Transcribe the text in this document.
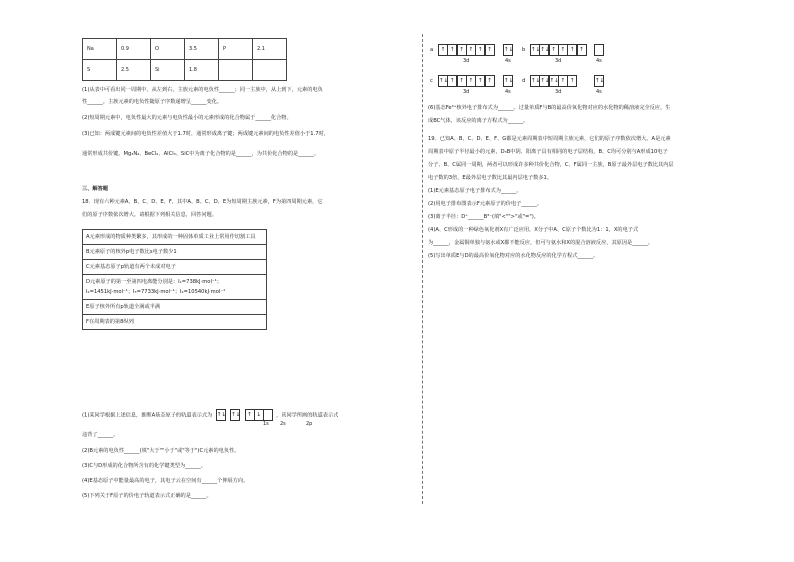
Na	0.9	O	3.5	P	2.1
S	2.5	Si	1.8		
(1)从表中可看出同一周期中，从左到右，主族元素的电负性______；同一主族中，从上到下，元素的电负
性______。主族元素的电负性随原子序数递增呈______变化。
(2)短周期元素中，电负性最大的元素与电负性最小的元素形成的化合物属于______化合物。
(3)已知：两成键元素间的电负性差值大于1.7时，通常形成离子键；两成键元素间的电负性差值小于1.7时，
通常形成共价键。Mg₃N₂、BeCl₂、AlCl₃、SiC中为离子化合物的是______，为共价化合物的是______。
三、解答题
18．现有六种元素A、B、C、D、E、F，其中A、B、C、D、E为短周期主族元素，F为第四周期元素，它
们的原子序数依次增大。请根据下列相关信息，回答问题。
A元素形成的物质种类繁多，其形成的一种固体单质工业上常用作切割工具
B元素原子的核外p电子数比s电子数少1
C元素基态原子p轨道有两个未成对电子

D元素原子的第一至第四电离能分别是：I₁=738kJ·mol⁻¹；
I₂=1451kJ·mol⁻¹；I₃=7733kJ·mol⁻¹；I₄=10540kJ·mol⁻¹

E原子核外所有p轨道全满或半满
F在周期表的第8纵列
(1)某同学根据上述信息，推断A基态原子的轨道表示式为 ↑↓ ↑↓	↑ ↓	，该同学所画的轨道表示式
1s 2s	2p
违背了______。
(2)B元素的电负性______(填"大于""小于"或"等于")C元素的电负性。
(3)C与D形成的化合物所含有的化学键类型为______。
(4)E基态原子中能量最高的电子，其电子云在空间有______个伸展方向。
(5)下列关于F原子的价电子轨道表示式正确的是______。
a	↑ ↑ ↑ ↑ ↑ ↑	↑↓
3d	4s
b ↑↓ ↑↓ ↑ ↑ ↑ ↑
3d	4s
c ↑↓ ↑ ↑ ↑ ↑ ↑	↑↓
3d	4s
d ↑↓ ↑↓ ↑↓ ↑ ↑	↑↓
3d	4s
(6)基态Fe³⁺核外电子排布式为______。过量单质F与B的最高价氧化物对应的水化物的稀溶液完全反应，生
成BC气体，该反应的离子方程式为______。
19．已知A、B、C、D、E、F、G都是元素周期表中短周期主族元素，它们的原子序数依次增大。A是元素
周期表中原子半径最小的元素，D₃B中阴、阳离子具有相同的电子层结构，B、C均可分别与A形成10电子
分子，B、C属同一周期，两者可以形成许多种共价化合物，C、F属同一主族，B原子最外层电子数比其内层
电子数的3倍，E最外层电子数比其最内层电子数多1。
(1)E元素基态原子电子排布式为______。
(2)用电子排布图表示F元素原子的价电子______。
(3)离子半径：D⁺______B³⁻(填"<"">"或"=")。
(4)A、C形成的一种绿色氧化剂X有广泛应用，X分子中A、C原子个数比为1：1，X的电子式
为______，金属铜单独与氨水或X都不能反应，但可与氨水和X的混合溶液反应，其原因是______。
(5)写出单质E与D的最高价氧化物对应的水化物反应的化学方程式______。
